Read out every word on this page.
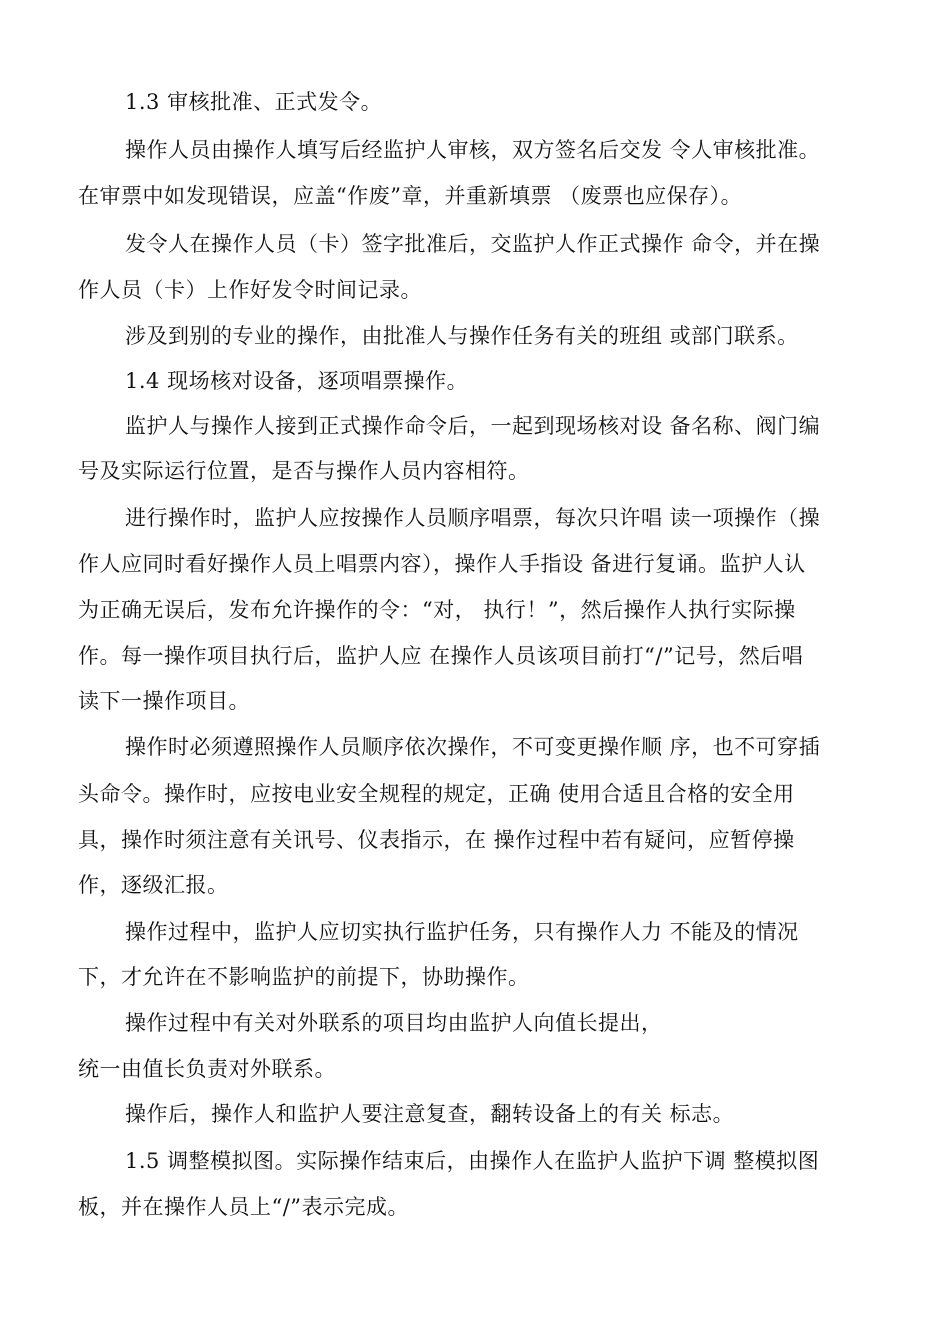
1.3 审核批准、正式发令。
操作人员由操作人填写后经监护人审核，双方签名后交发 令人审核批准。
在审票中如发现错误，应盖“作废”章，并重新填票 （废票也应保存）。
发令人在操作人员（卡）签字批准后，交监护人作正式操作 命令，并在操
作人员（卡）上作好发令时间记录。
涉及到别的专业的操作，由批准人与操作任务有关的班组 或部门联系。
1.4 现场核对设备，逐项唱票操作。
监护人与操作人接到正式操作命令后，一起到现场核对设 备名称、阀门编
号及实际运行位置，是否与操作人员内容相符。
进行操作时，监护人应按操作人员顺序唱票，每次只许唱 读一项操作（操
作人应同时看好操作人员上唱票内容），操作人手指设 备进行复诵。监护人认
为正确无误后，发布允许操作的令：“对， 执行！”，然后操作人执行实际操
作。每一操作项目执行后，监护人应 在操作人员该项目前打“/”记号，然后唱
读下一操作项目。
操作时必须遵照操作人员顺序依次操作，不可变更操作顺 序，也不可穿插
头命令。操作时，应按电业安全规程的规定，正确 使用合适且合格的安全用
具，操作时须注意有关讯号、仪表指示，在 操作过程中若有疑问，应暂停操
作，逐级汇报。
操作过程中，监护人应切实执行监护任务，只有操作人力 不能及的情况
下，才允许在不影响监护的前提下，协助操作。
操作过程中有关对外联系的项目均由监护人向值长提出，
统一由值长负责对外联系。
操作后，操作人和监护人要注意复查，翻转设备上的有关 标志。
1.5 调整模拟图。实际操作结束后，由操作人在监护人监护下调 整模拟图
板，并在操作人员上“/”表示完成。
